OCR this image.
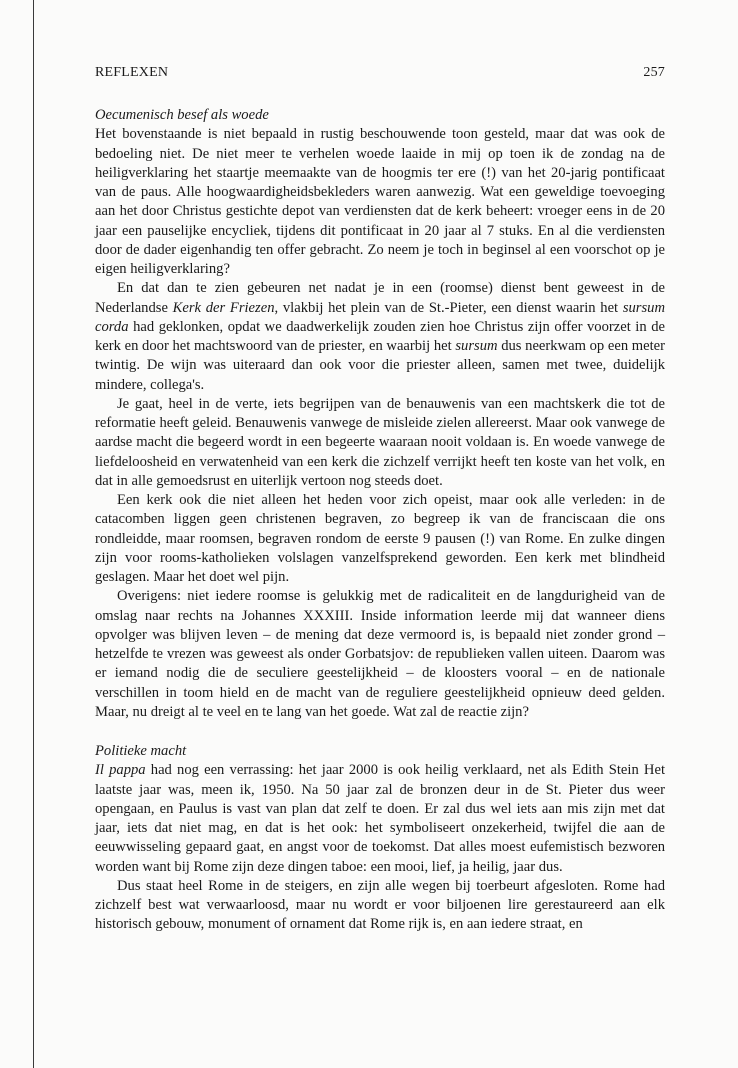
REFLEXEN	257
Oecumenisch besef als woede

Het bovenstaande is niet bepaald in rustig beschouwende toon gesteld, maar dat was ook de bedoeling niet. De niet meer te verhelen woede laaide in mij op toen ik de zondag na de heiligverklaring het staartje meemaakte van de hoogmis ter ere (!) van het 20-jarig pontificaat van de paus. Alle hoogwaardigheidsbekleders waren aanwezig. Wat een geweldige toevoeging aan het door Christus gestichte depot van verdiensten dat de kerk beheert: vroeger eens in de 20 jaar een pauselijke encycliek, tijdens dit pontificaat in 20 jaar al 7 stuks. En al die verdiensten door de dader eigenhandig ten offer gebracht. Zo neem je toch in beginsel al een voorschot op je eigen heiligverklaring?

En dat dan te zien gebeuren net nadat je in een (roomse) dienst bent geweest in de Nederlandse Kerk der Friezen, vlakbij het plein van de St.-Pieter, een dienst waarin het sursum corda had geklonken, opdat we daadwerkelijk zouden zien hoe Christus zijn offer voorzet in de kerk en door het machtswoord van de priester, en waarbij het sursum dus neerkwam op een meter twintig. De wijn was uiteraard dan ook voor die priester alleen, samen met twee, duidelijk mindere, collega's.

Je gaat, heel in de verte, iets begrijpen van de benauwenis van een machtskerk die tot de reformatie heeft geleid. Benauwenis vanwege de misleide zielen allereerst. Maar ook vanwege de aardse macht die begeerd wordt in een begeerte waaraan nooit voldaan is. En woede vanwege de liefdeloosheid en verwatenheid van een kerk die zichzelf verrijkt heeft ten koste van het volk, en dat in alle gemoedsrust en uiterlijk vertoon nog steeds doet.

Een kerk ook die niet alleen het heden voor zich opeist, maar ook alle verleden: in de catacomben liggen geen christenen begraven, zo begreep ik van de franciscaan die ons rondleidde, maar roomsen, begraven rondom de eerste 9 pausen (!) van Rome. En zulke dingen zijn voor rooms-katholieken volslagen vanzelfsprekend geworden. Een kerk met blindheid geslagen. Maar het doet wel pijn.

Overigens: niet iedere roomse is gelukkig met de radicaliteit en de langdurigheid van de omslag naar rechts na Johannes XXXIII. Inside information leerde mij dat wanneer diens opvolger was blijven leven – de mening dat deze vermoord is, is bepaald niet zonder grond – hetzelfde te vrezen was geweest als onder Gorbatsjov: de republieken vallen uiteen. Daarom was er iemand nodig die de seculiere geestelijkheid – de kloosters vooral – en de nationale verschillen in toom hield en de macht van de reguliere geestelijkheid opnieuw deed gelden. Maar, nu dreigt al te veel en te lang van het goede. Wat zal de reactie zijn?

Politieke macht

Il pappa had nog een verrassing: het jaar 2000 is ook heilig verklaard, net als Edith Stein Het laatste jaar was, meen ik, 1950. Na 50 jaar zal de bronzen deur in de St. Pieter dus weer opengaan, en Paulus is vast van plan dat zelf te doen. Er zal dus wel iets aan mis zijn met dat jaar, iets dat niet mag, en dat is het ook: het symboliseert onzekerheid, twijfel die aan de eeuwwisseling gepaard gaat, en angst voor de toekomst. Dat alles moest eufemistisch bezworen worden want bij Rome zijn deze dingen taboe: een mooi, lief, ja heilig, jaar dus.

Dus staat heel Rome in de steigers, en zijn alle wegen bij toerbeurt afgesloten. Rome had zichzelf best wat verwaarloosd, maar nu wordt er voor biljoenen lire gerestaureerd aan elk historisch gebouw, monument of ornament dat Rome rijk is, en aan iedere straat, en
